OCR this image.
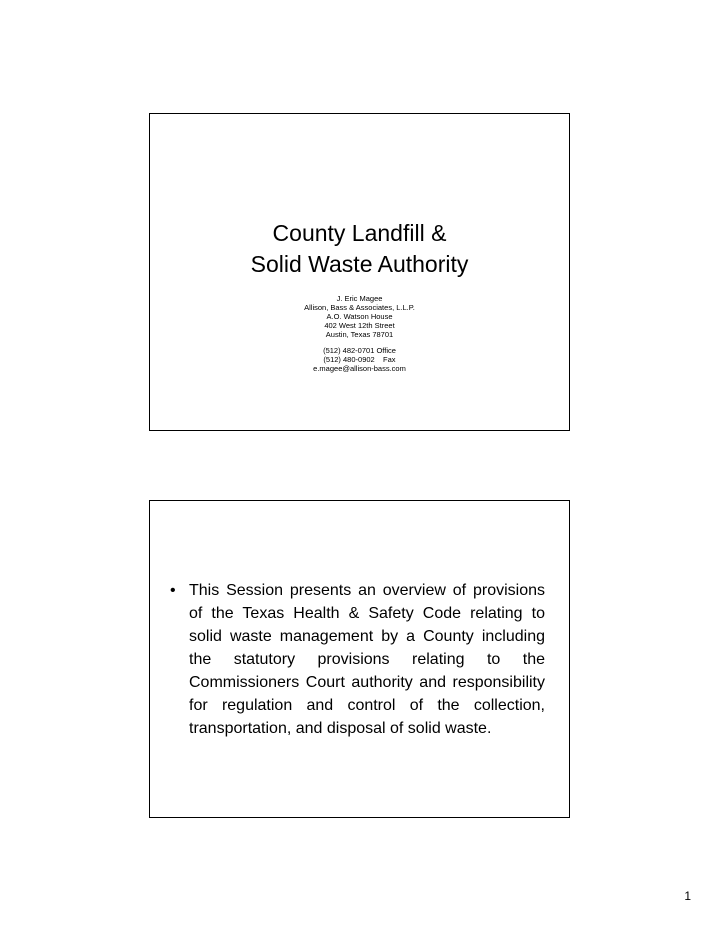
County Landfill &
Solid Waste Authority
J. Eric Magee
Allison, Bass & Associates, L.L.P.
A.O. Watson House
402 West 12th Street
Austin, Texas 78701
(512) 482-0701 Office
(512) 480-0902    Fax
e.magee@allison-bass.com
• This Session presents an overview of provisions of the Texas Health & Safety Code relating to solid waste management by a County including the statutory provisions relating to the Commissioners Court authority and responsibility for regulation and control of the collection, transportation, and disposal of solid waste.
1
